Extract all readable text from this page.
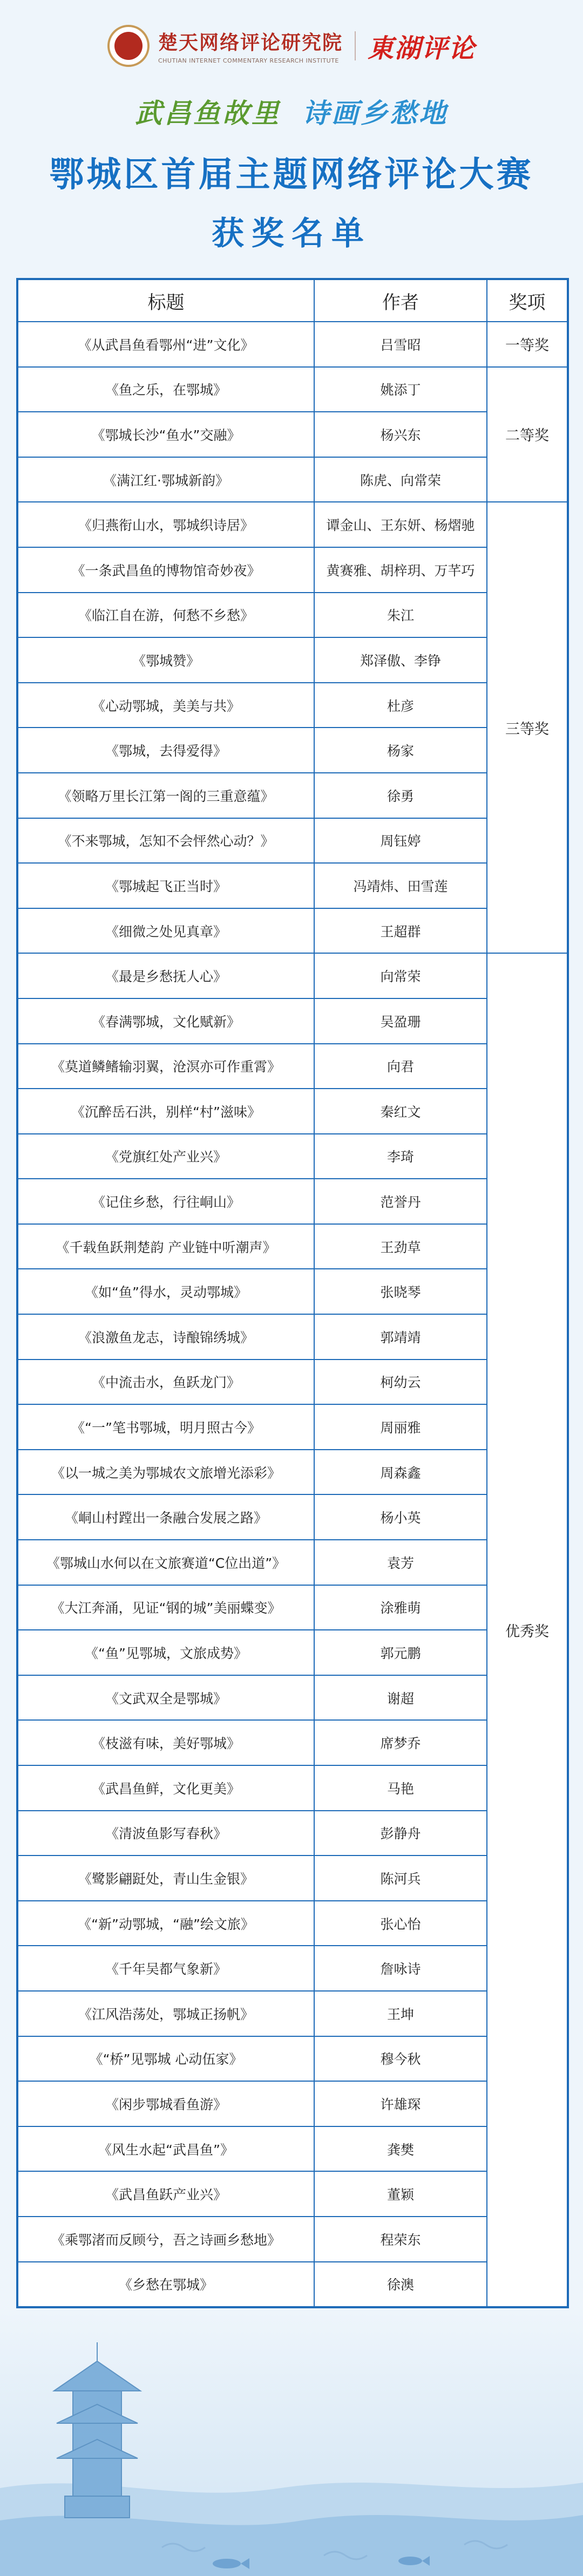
楚天网络评论研究院
CHUTIAN INTERNET COMMENTARY RESEARCH INSTITUTE 東湖评论
武昌鱼故里 诗画乡愁地
鄂城区首届主题网络评论大赛
获奖名单
标题	作者	奖项
《从武昌鱼看鄂州“进”文化》	吕雪昭	一等奖
《鱼之乐，在鄂城》	姚添丁	二等奖
《鄂城长沙“鱼水”交融》	杨兴东	
《满江红·鄂城新韵》	陈虎、向常荣	
《归燕衔山水，鄂城织诗居》	谭金山、王东妍、杨熠驰	三等奖
《一条武昌鱼的博物馆奇妙夜》	黄赛雅、胡梓玥、万芊巧	
《临江自在游，何愁不乡愁》	朱江	
《鄂城赞》	郑泽傲、李铮	
《心动鄂城，美美与共》	杜彦	
《鄂城，去得爱得》	杨家	
《领略万里长江第一阁的三重意蕴》	徐勇	
《不来鄂城，怎知不会怦然心动？》	周钰婷	
《鄂城起飞正当时》	冯靖炜、田雪莲	
《细微之处见真章》	王超群	
《最是乡愁抚人心》	向常荣	优秀奖
《春满鄂城，文化赋新》	吴盈珊	
《莫道鳞鳍输羽翼，沧溟亦可作重霄》	向君	
《沉醉岳石洪，别样“村”滋味》	秦红文	
《党旗红处产业兴》	李琦	
《记住乡愁，行往峒山》	范誉丹	
《千载鱼跃荆楚韵 产业链中听潮声》	王劲草	
《如“鱼”得水，灵动鄂城》	张晓琴	
《浪激鱼龙志，诗酿锦绣城》	郭靖靖	
《中流击水，鱼跃龙门》	柯幼云	
《“一”笔书鄂城，明月照古今》	周丽雅	
《以一城之美为鄂城农文旅增光添彩》	周森鑫	
《峒山村蹚出一条融合发展之路》	杨小英	
《鄂城山水何以在文旅赛道“C位出道”》	袁芳	
《大江奔涌，见证“钢的城”美丽蝶变》	涂雅萌	
《“鱼”见鄂城，文旅成势》	郭元鹏	
《文武双全是鄂城》	谢超	
《枝滋有味，美好鄂城》	席梦乔	
《武昌鱼鲜，文化更美》	马艳	
《清波鱼影写春秋》	彭静舟	
《鹭影翩跹处，青山生金银》	陈河兵	
《“新”动鄂城，“融”绘文旅》	张心怡	
《千年吴都气象新》	詹咏诗	
《江风浩荡处，鄂城正扬帆》	王坤	
《“桥”见鄂城 心动伍家》	穆今秋	
《闲步鄂城看鱼游》	许雄琛	
《风生水起“武昌鱼”》	龚樊	
《武昌鱼跃产业兴》	董颖	
《乘鄂渚而反顾兮，吾之诗画乡愁地》	程荣东	
《乡愁在鄂城》	徐澳	
